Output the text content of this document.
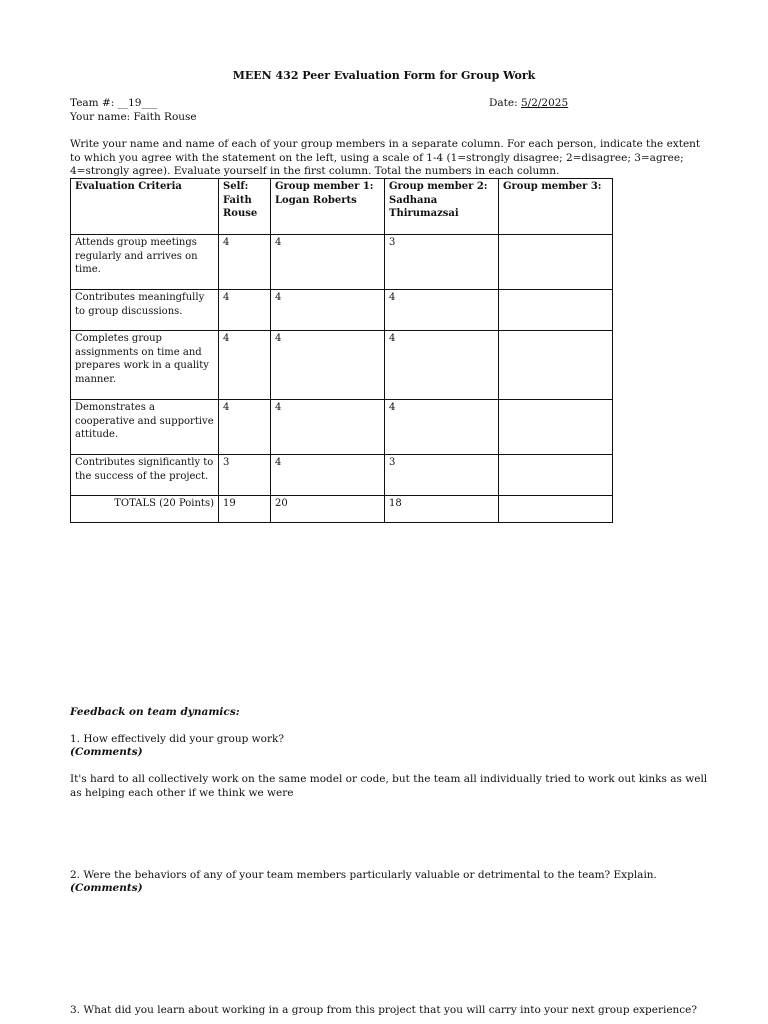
MEEN 432 Peer Evaluation Form for Group Work
Team #: __19___
Your name: Faith Rouse
Date: 5/2/2025
Write your name and name of each of your group members in a separate column. For each person, indicate the extent to which you agree with the statement on the left, using a scale of 1-4 (1=strongly disagree; 2=disagree; 3=agree; 4=strongly agree). Evaluate yourself in the first column. Total the numbers in each column.
Evaluation Criteria	Self: Faith Rouse	Group member 1: Logan Roberts	Group member 2: Sadhana Thirumazsai	Group member 3:
Attends group meetings regularly and arrives on time.	4	4	3	
Contributes meaningfully to group discussions.	4	4	4	
Completes group assignments on time and prepares work in a quality manner.	4	4	4	
Demonstrates a cooperative and supportive attitude.	4	4	4	
Contributes significantly to the success of the project.	3	4	3	
TOTALS (20 Points)	19	20	18	
Feedback on team dynamics:
1. How effectively did your group work?
(Comments)
It's hard to all collectively work on the same model or code, but the team all individually tried to work out kinks as well as helping each other if we think we were
2. Were the behaviors of any of your team members particularly valuable or detrimental to the team? Explain.
(Comments)
3. What did you learn about working in a group from this project that you will carry into your next group experience?
